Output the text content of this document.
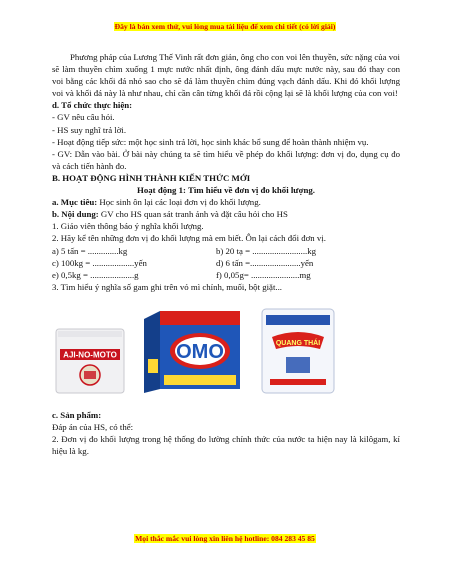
Đây là bản xem thử, vui lòng mua tài liệu để xem chi tiết (có lời giải)

Phương pháp của Lương Thế Vinh rất đơn giản, ông cho con voi lên thuyền, sức nặng của voi sẽ làm thuyền chìm xuống 1 mực nước nhất định, ông đánh dấu mực nước này, sau đó thay con voi bằng các khối đá nhỏ sao cho sẽ đá làm thuyền chìm đúng vạch đánh dấu. Khi đó khối lượng voi và khối đá này là như nhau, chỉ cần cân từng khối đá rồi cộng lại sẽ là khối lượng của con voi!

d. Tổ chức thực hiện:

- GV nêu câu hỏi.

- HS suy nghĩ trả lời.

- Hoạt động tiếp sức: một học sinh trả lời, học sinh khác bổ sung để hoàn thành nhiệm vụ.

- GV: Dẫn vào bài. Ở bài này chúng ta sẽ tìm hiểu về phép đo khối lượng: đơn vị đo, dụng cụ đo và cách tiến hành đo.

B. HOẠT ĐỘNG HÌNH THÀNH KIẾN THỨC MỚI

Hoạt động 1: Tìm hiểu về đơn vị đo khối lượng.

a. Mục tiêu: Học sinh ôn lại các loại đơn vị đo khối lượng.

b. Nội dung: GV cho HS quan sát tranh ảnh và đặt câu hỏi cho HS

1. Giáo viên thông báo ý nghĩa khối lượng.

2. Hãy kể tên những đơn vị đo khối lượng mà em biết. Ôn lại cách đổi đơn vị.

a) 5 tấn = ..............kg	b) 20 tạ = .........................kg
c) 100kg = ...................yến	d) 6 tấn =.......................yến
e) 0,5kg = ....................g	f) 0,05g= ......................mg

3. Tìm hiểu ý nghĩa số gam ghi trên vỏ mì chính, muối, bột giặt...

AJI-NO-MOTO	OMO	QUANG THÁI

c. Sản phẩm:

Đáp án của HS, có thể:

2. Đơn vị đo khối lượng trong hệ thống đo lường chính thức của nước ta hiện nay là kilôgam, kí hiệu là kg.

Mọi thắc mắc vui lòng xin liên hệ hotline: 084 283 45 85
